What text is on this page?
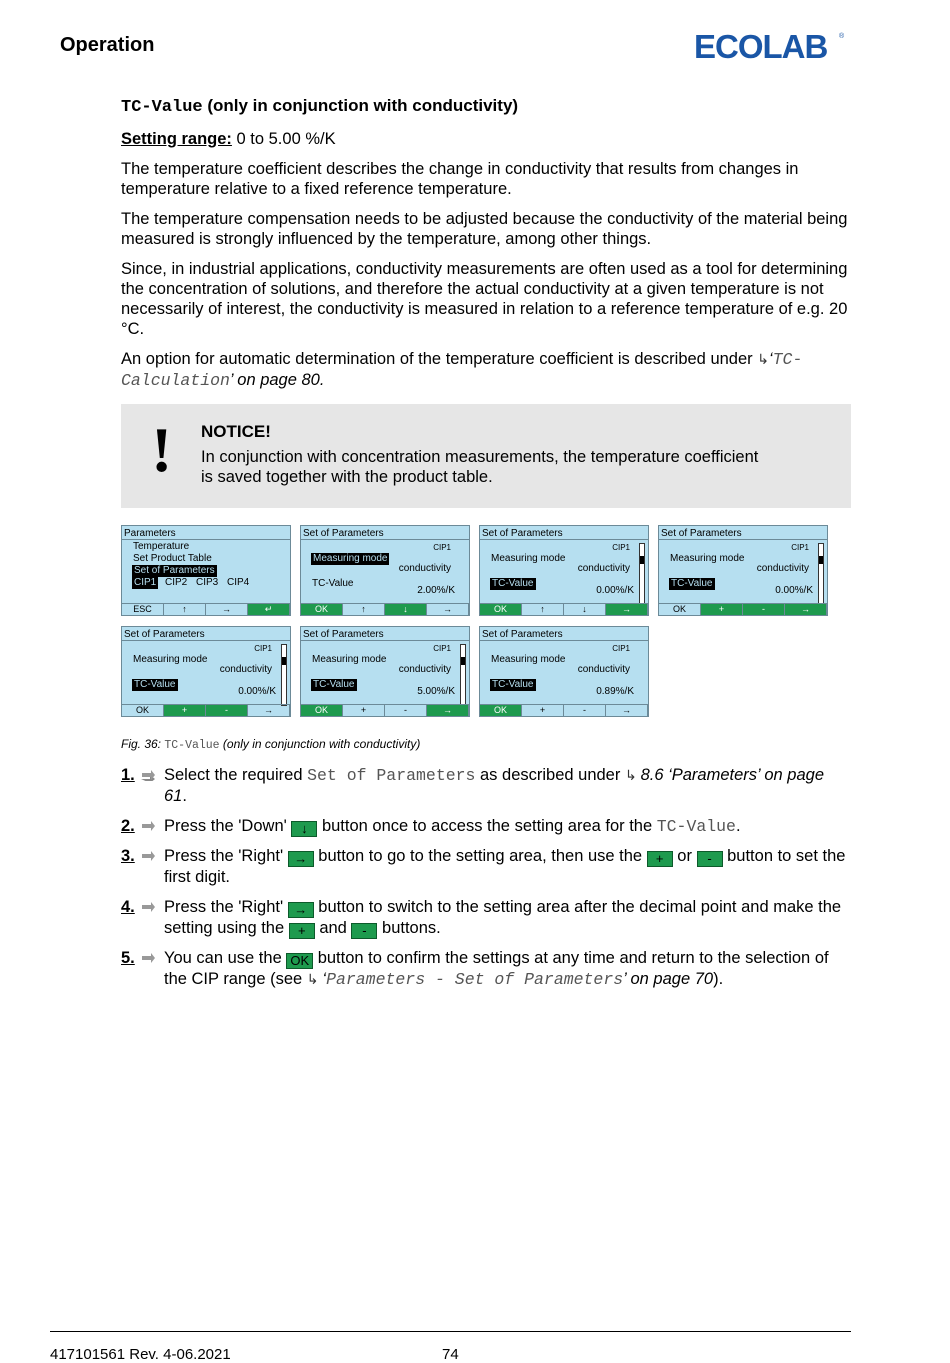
Operation	ECOLAB ®

TC-Value (only in conjunction with conductivity)

Setting range: 0 to 5.00 %/K

The temperature coefficient describes the change in conductivity that results from changes in temperature relative to a fixed reference temperature.

The temperature compensation needs to be adjusted because the conductivity of the material being measured is strongly influenced by the temperature, among other things.

Since, in industrial applications, conductivity measurements are often used as a tool for determining the concentration of solutions, and therefore the actual conductivity at a given temperature is not necessarily of interest, the conductivity is measured in relation to a reference temperature of e.g. 20 °C.

An option for automatic determination of the temperature coefficient is described under ↳‘TC-Calculation’ on page 80.

! NOTICE!
In conjunction with concentration measurements, the temperature coefficient is saved together with the product table.
Parameters
Temperature
Set Product Table
Set of Parameters
CIP1 CIP2 CIP3 CIP4
ESC	↑	→	↵
Set of Parameters
CIP1
Measuring mode
conductivity
TC-Value
2.00%/K
OK	↑	↓	→
Set of Parameters
CIP1
Measuring mode
conductivity
TC-Value
0.00%/K
OK	↑	↓	→
Set of Parameters
CIP1
Measuring mode
conductivity
TC-Value
0.00%/K
OK	+	-	→
Set of Parameters
CIP1
Measuring mode
conductivity
TC-Value
0.00%/K
OK	+	-	→
Set of Parameters
CIP1
Measuring mode
conductivity
TC-Value
5.00%/K
OK	+	-	→
Set of Parameters
CIP1
Measuring mode
conductivity
TC-Value
0.89%/K
OK	+	-	→
Fig. 36: TC-Value (only in conjunction with conductivity)
1. Select the required Set of Parameters as described under ↳ 8.6 ‘Parameters’ on page 61.
2. Press the 'Down' ↓ button once to access the setting area for the TC-Value.
3. Press the 'Right' → button to go to the setting area, then use the + or - button to set the first digit.
4. Press the 'Right' → button to switch to the setting area after the decimal point and make the setting using the + and - buttons.
5. You can use the OK button to confirm the settings at any time and return to the selection of the CIP range (see ↳ ‘Parameters - Set of Parameters’ on page 70).
417101561 Rev. 4-06.2021	74
